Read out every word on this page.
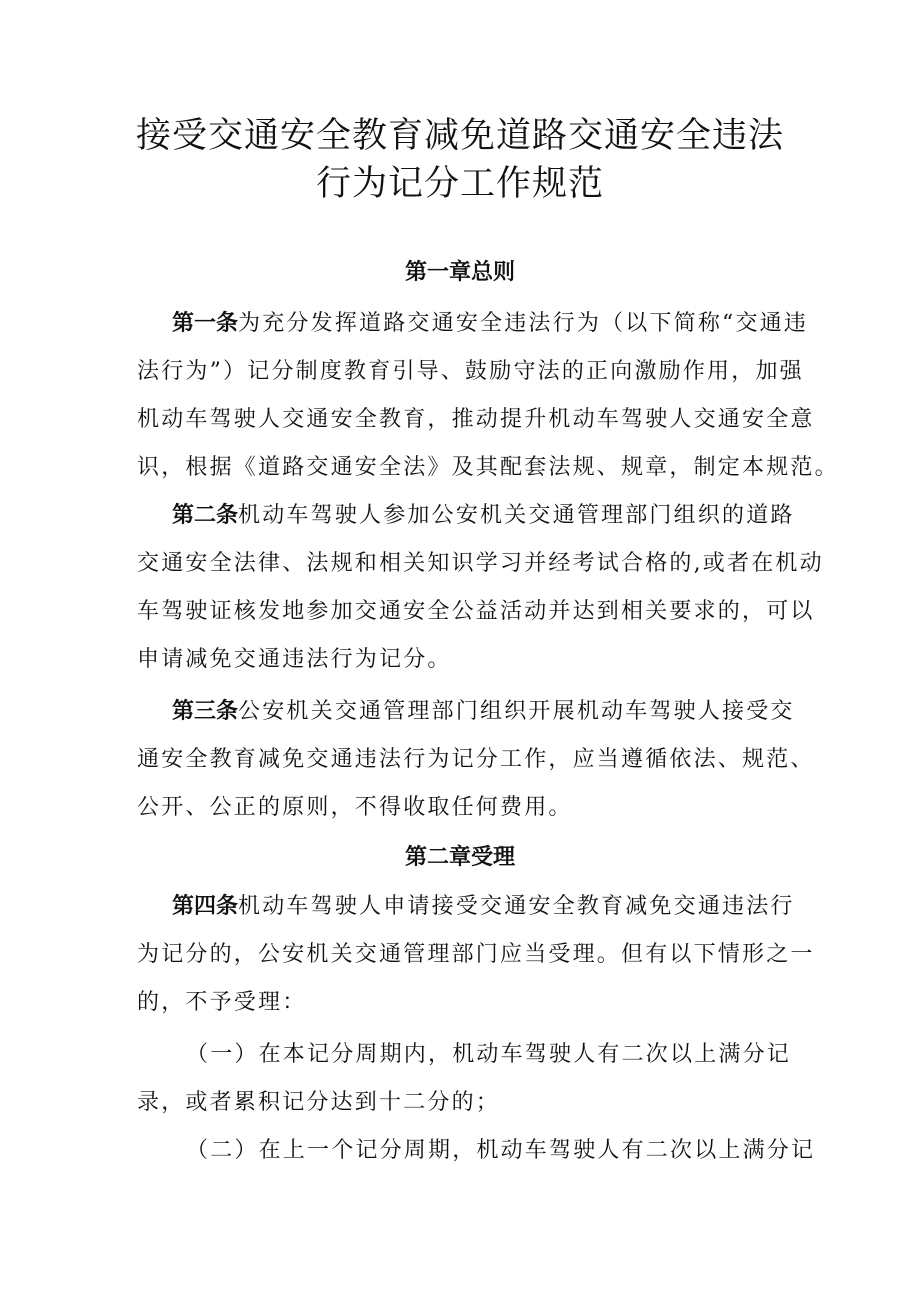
接受交通安全教育减免道路交通安全违法
行为记分工作规范
第一章总则
第一条为充分发挥道路交通安全违法行为（以下简称“交通违
法行为”）记分制度教育引导、鼓励守法的正向激励作用，加强
机动车驾驶人交通安全教育，推动提升机动车驾驶人交通安全意
识，根据《道路交通安全法》及其配套法规、规章，制定本规范。
第二条机动车驾驶人参加公安机关交通管理部门组织的道路
交通安全法律、法规和相关知识学习并经考试合格的,或者在机动
车驾驶证核发地参加交通安全公益活动并达到相关要求的，可以
申请减免交通违法行为记分。
第三条公安机关交通管理部门组织开展机动车驾驶人接受交
通安全教育减免交通违法行为记分工作，应当遵循依法、规范、
公开、公正的原则，不得收取任何费用。
第二章受理
第四条机动车驾驶人申请接受交通安全教育减免交通违法行
为记分的，公安机关交通管理部门应当受理。但有以下情形之一
的，不予受理：
（一）在本记分周期内，机动车驾驶人有二次以上满分记
录，或者累积记分达到十二分的；
（二）在上一个记分周期，机动车驾驶人有二次以上满分记
